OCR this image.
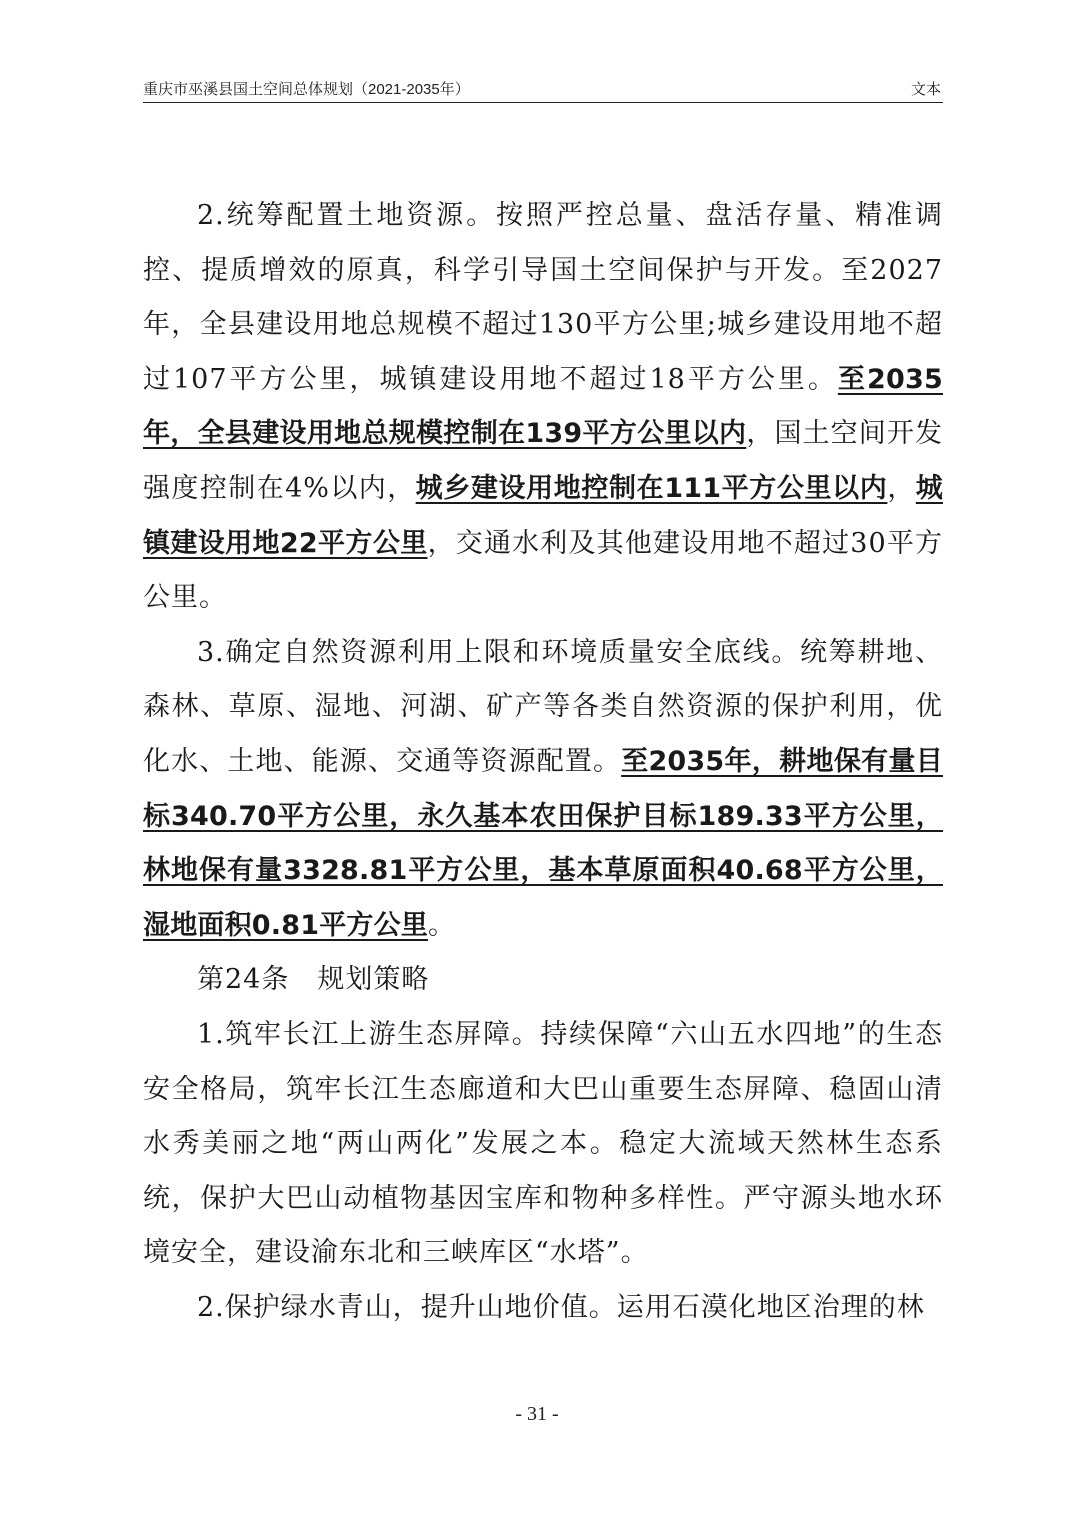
重庆市巫溪县国土空间总体规划（2021-2035年）	文本

2.统筹配置土地资源。按照严控总量、盘活存量、精准调控、提质增效的原真，科学引导国土空间保护与开发。至2027年，全县建设用地总规模不超过130平方公里;城乡建设用地不超过107平方公里，城镇建设用地不超过18平方公里。至2035年，全县建设用地总规模控制在139平方公里以内，国土空间开发强度控制在4%以内，城乡建设用地控制在111平方公里以内，城镇建设用地22平方公里，交通水利及其他建设用地不超过30平方公里。

3.确定自然资源利用上限和环境质量安全底线。统筹耕地、森林、草原、湿地、河湖、矿产等各类自然资源的保护利用，优化水、土地、能源、交通等资源配置。至2035年，耕地保有量目标340.70平方公里，永久基本农田保护目标189.33平方公里，林地保有量3328.81平方公里，基本草原面积40.68平方公里，湿地面积0.81平方公里。

第24条　规划策略

1.筑牢长江上游生态屏障。持续保障“六山五水四地”的生态安全格局，筑牢长江生态廊道和大巴山重要生态屏障、稳固山清水秀美丽之地“两山两化”发展之本。稳定大流域天然林生态系统，保护大巴山动植物基因宝库和物种多样性。严守源头地水环境安全，建设渝东北和三峡库区“水塔”。

2.保护绿水青山，提升山地价值。运用石漠化地区治理的林

- 31 -
